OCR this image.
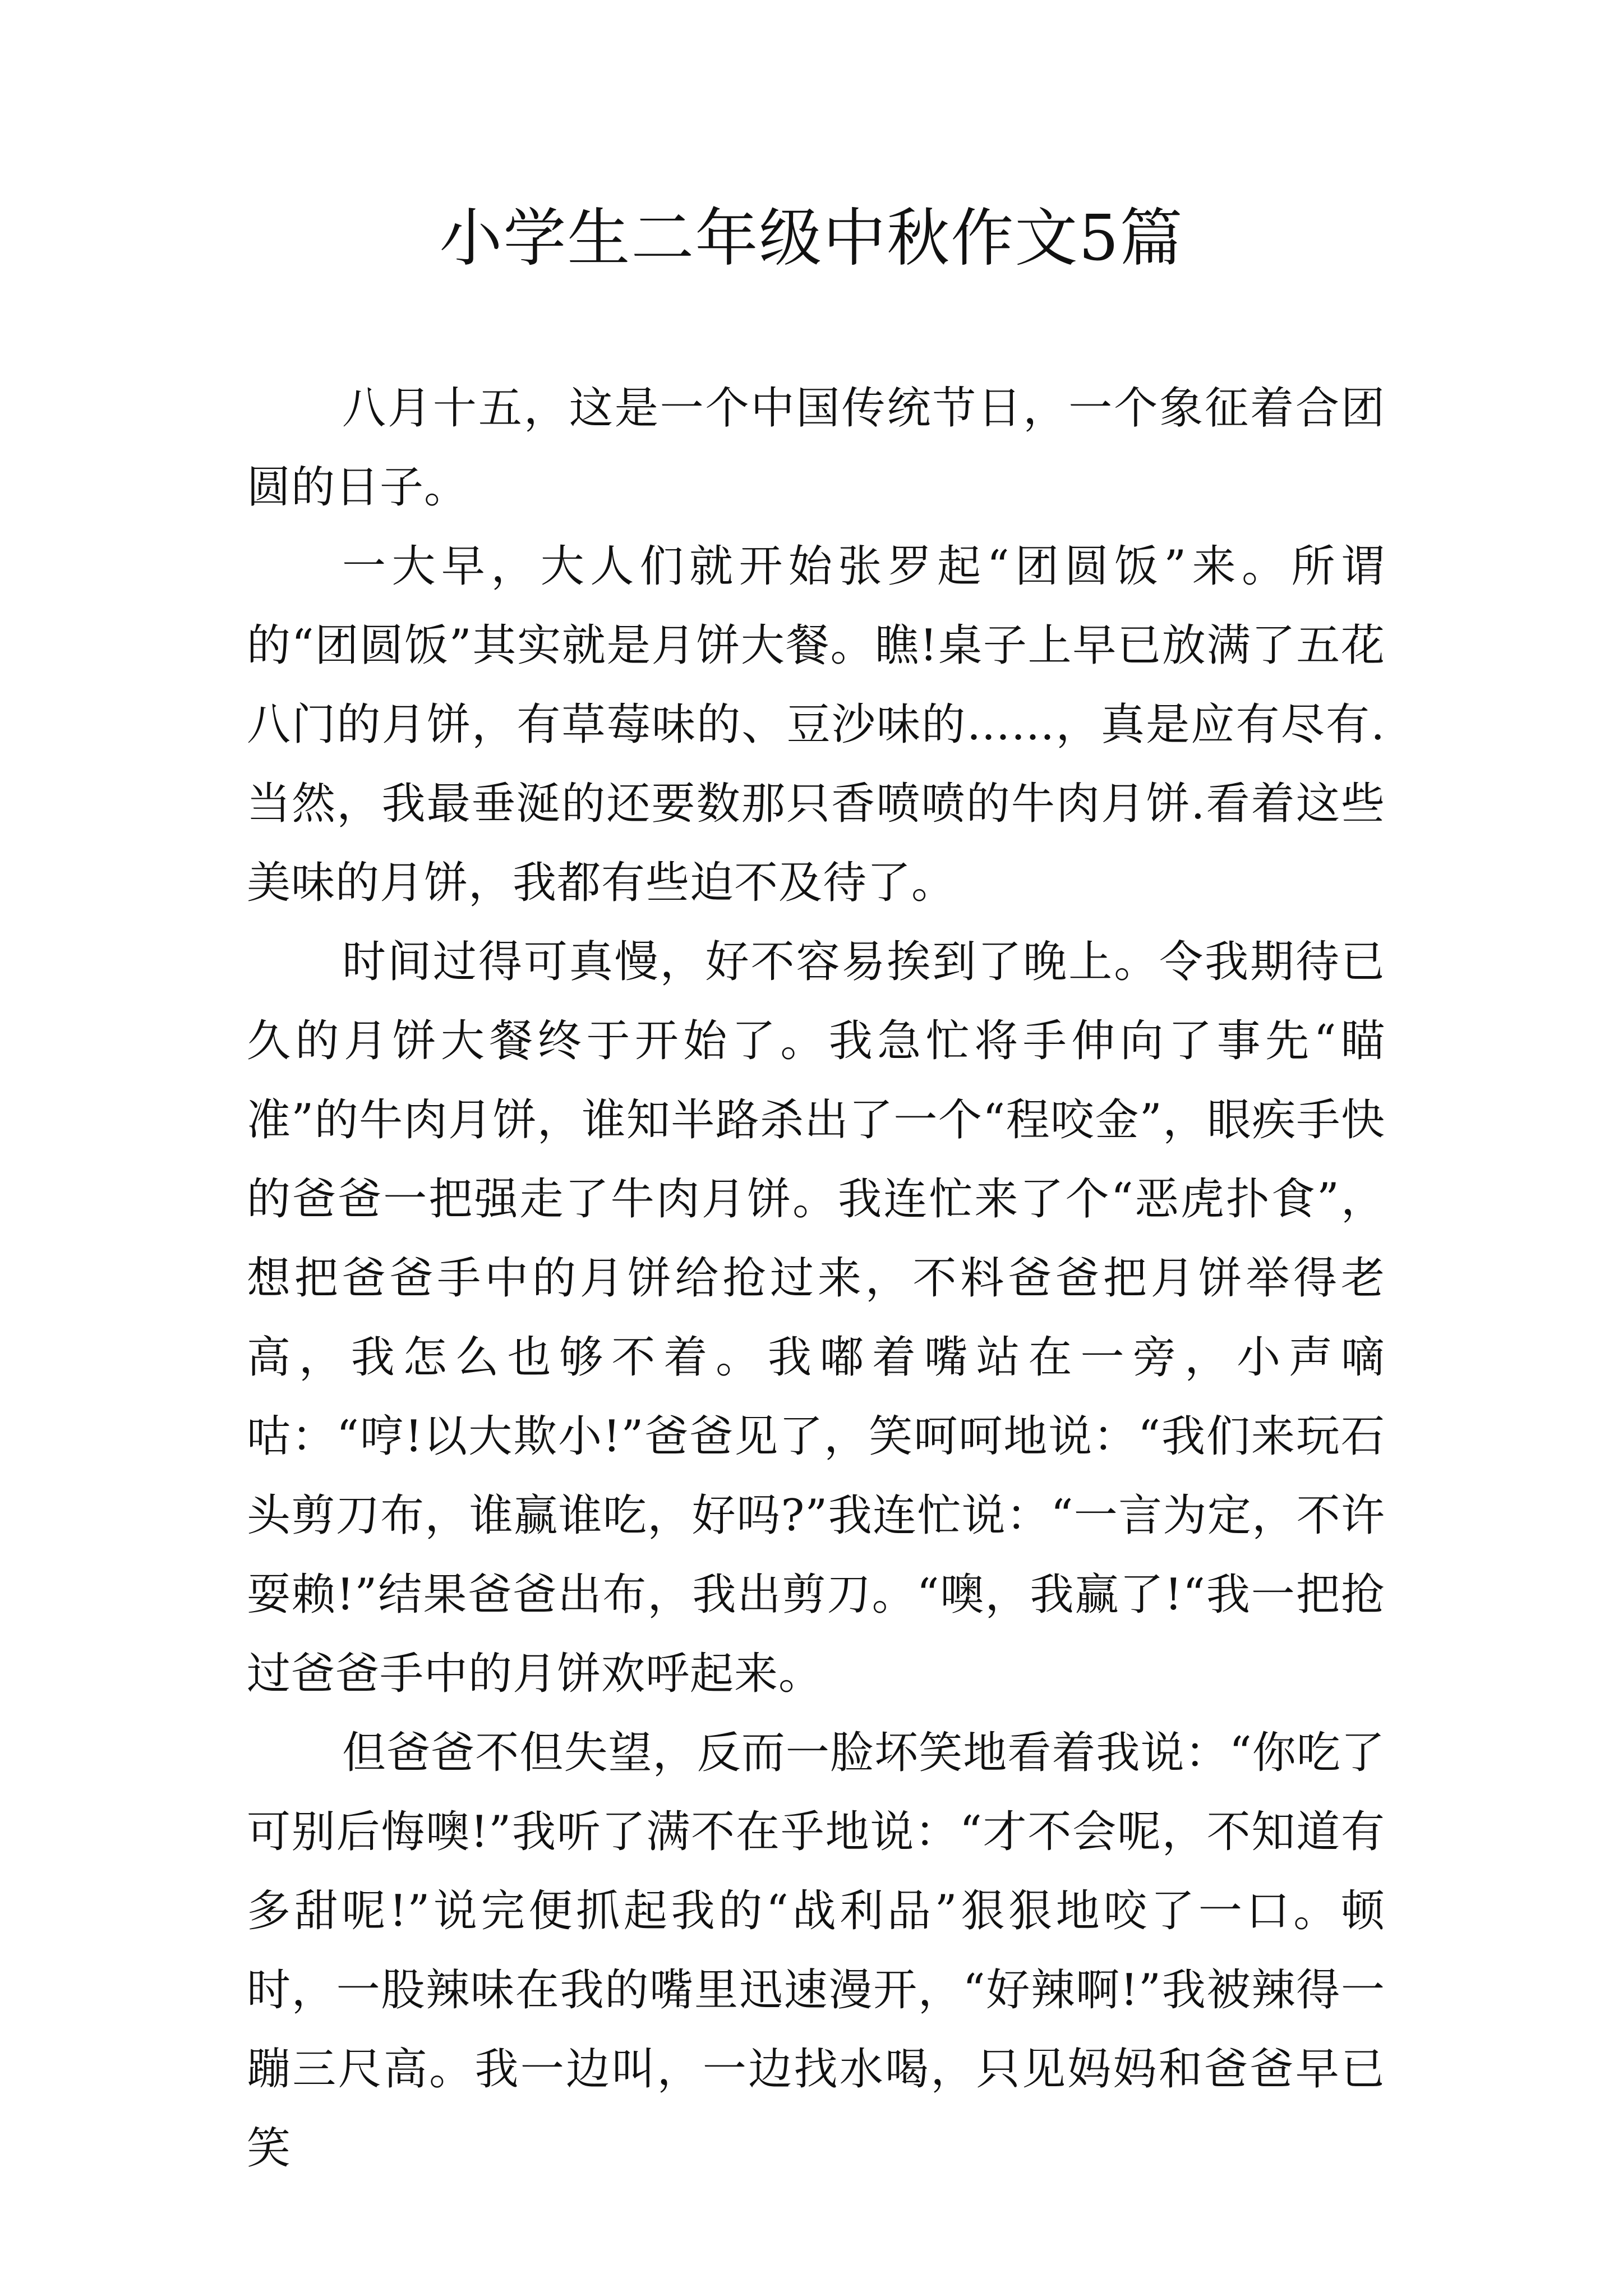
小学生二年级中秋作文5篇

八月十五，这是一个中国传统节日，一个象征着合团圆的日子。

一大早，大人们就开始张罗起“团圆饭”来。所谓的“团圆饭”其实就是月饼大餐。瞧!桌子上早已放满了五花八门的月饼，有草莓味的、豆沙味的……，真是应有尽有.当然，我最垂涎的还要数那只香喷喷的牛肉月饼.看着这些美味的月饼，我都有些迫不及待了。

时间过得可真慢，好不容易挨到了晚上。令我期待已久的月饼大餐终于开始了。我急忙将手伸向了事先“瞄准”的牛肉月饼，谁知半路杀出了一个“程咬金”，眼疾手快的爸爸一把强走了牛肉月饼。我连忙来了个“恶虎扑食”，想把爸爸手中的月饼给抢过来，不料爸爸把月饼举得老高，我怎么也够不着。我嘟着嘴站在一旁，小声嘀咕：“哼!以大欺小!”爸爸见了，笑呵呵地说：“我们来玩石头剪刀布，谁赢谁吃，好吗?”我连忙说：“一言为定，不许耍赖!”结果爸爸出布，我出剪刀。“噢，我赢了!“我一把抢过爸爸手中的月饼欢呼起来。

但爸爸不但失望，反而一脸坏笑地看着我说：“你吃了可别后悔噢!”我听了满不在乎地说：“才不会呢，不知道有多甜呢!”说完便抓起我的“战利品”狠狠地咬了一口。顿时，一股辣味在我的嘴里迅速漫开，“好辣啊!”我被辣得一蹦三尺高。我一边叫，一边找水喝，只见妈妈和爸爸早已笑
